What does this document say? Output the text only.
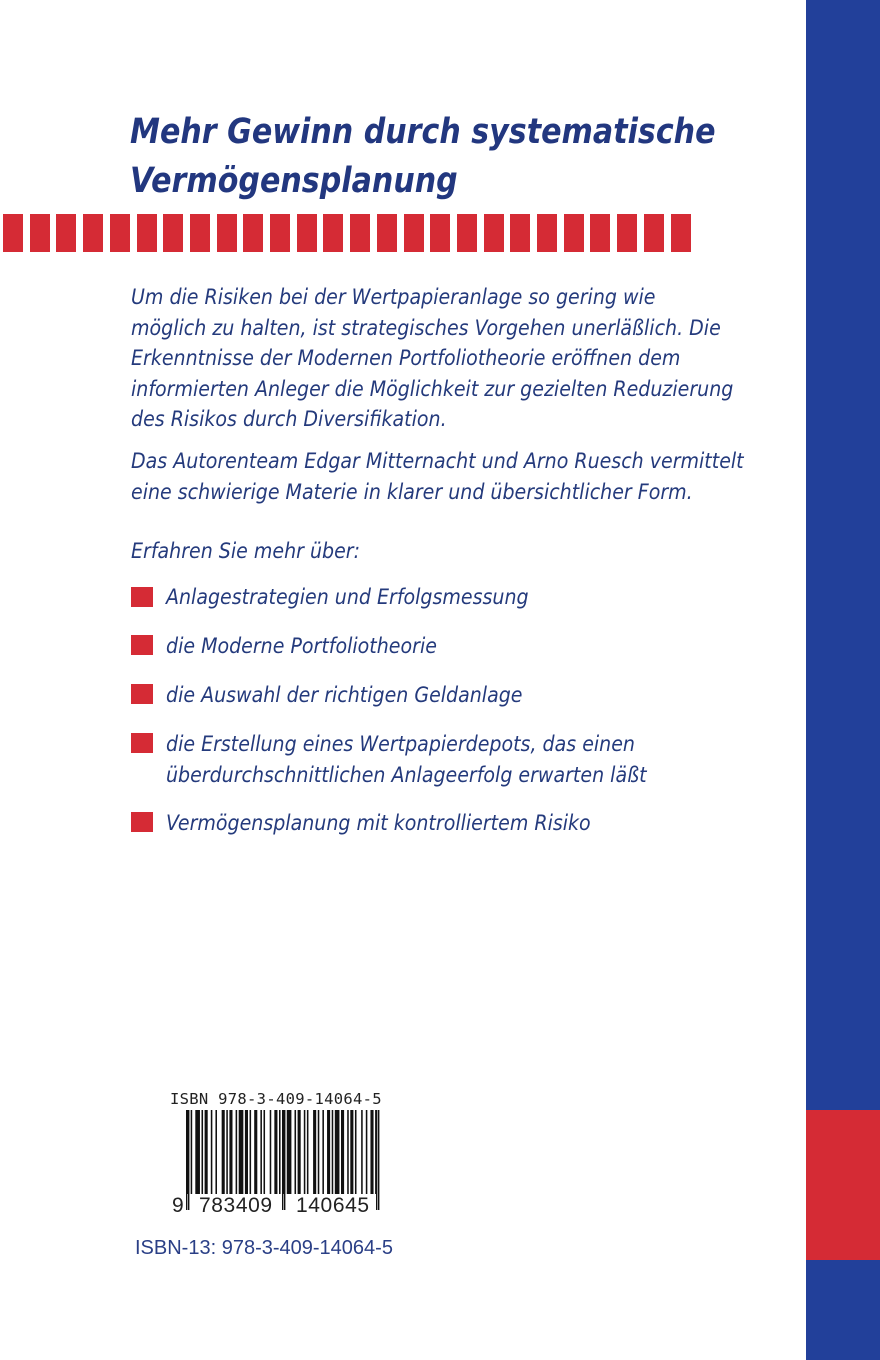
Mehr Gewinn durch systematische
Vermögensplanung

Um die Risiken bei der Wertpapieranlage so gering wie
möglich zu halten, ist strategisches Vorgehen unerläßlich. Die
Erkenntnisse der Modernen Portfoliotheorie eröffnen dem
informierten Anleger die Möglichkeit zur gezielten Reduzierung
des Risikos durch Diversifikation.

Das Autorenteam Edgar Mitternacht und Arno Ruesch vermittelt
eine schwierige Materie in klarer und übersichtlicher Form.

Erfahren Sie mehr über:

Anlagestrategien und Erfolgsmessung

die Moderne Portfoliotheorie

die Auswahl der richtigen Geldanlage

die Erstellung eines Wertpapierdepots, das einen
überdurchschnittlichen Anlageerfolg erwarten läßt

Vermögensplanung mit kontrolliertem Risiko

ISBN 978-3-409-14064-5

9 783409 140645

ISBN-13: 978-3-409-14064-5
